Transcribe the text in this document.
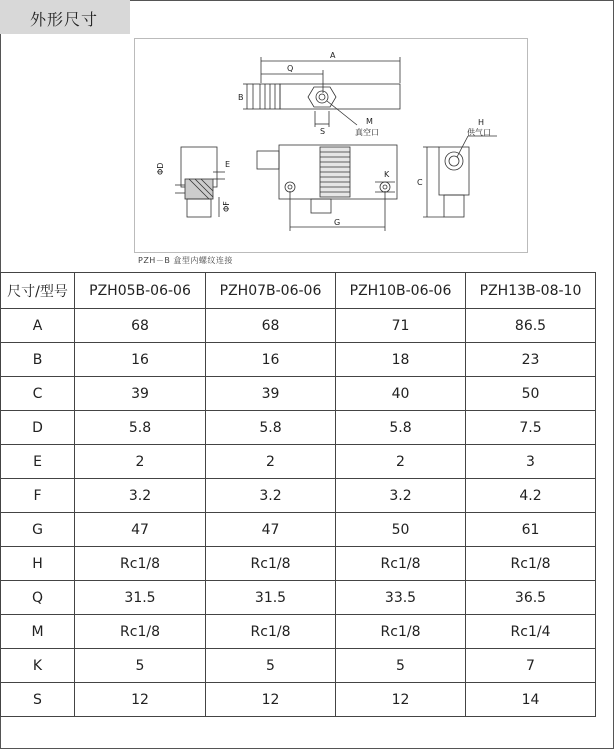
外形尺寸
A
Q
B
S
M
真空口
ΦD	E
ΦF
G
K
C
H
供气口
PZH－B 盒型内螺纹连接
尺寸/型号	PZH05B-06-06	PZH07B-06-06	PZH10B-06-06	PZH13B-08-10
A	68	68	71	86.5
B	16	16	18	23
C	39	39	40	50
D	5.8	5.8	5.8	7.5
E	2	2	2	3
F	3.2	3.2	3.2	4.2
G	47	47	50	61
H	Rc1/8	Rc1/8	Rc1/8	Rc1/8
Q	31.5	31.5	33.5	36.5
M	Rc1/8	Rc1/8	Rc1/8	Rc1/4
K	5	5	5	7
S	12	12	12	14
